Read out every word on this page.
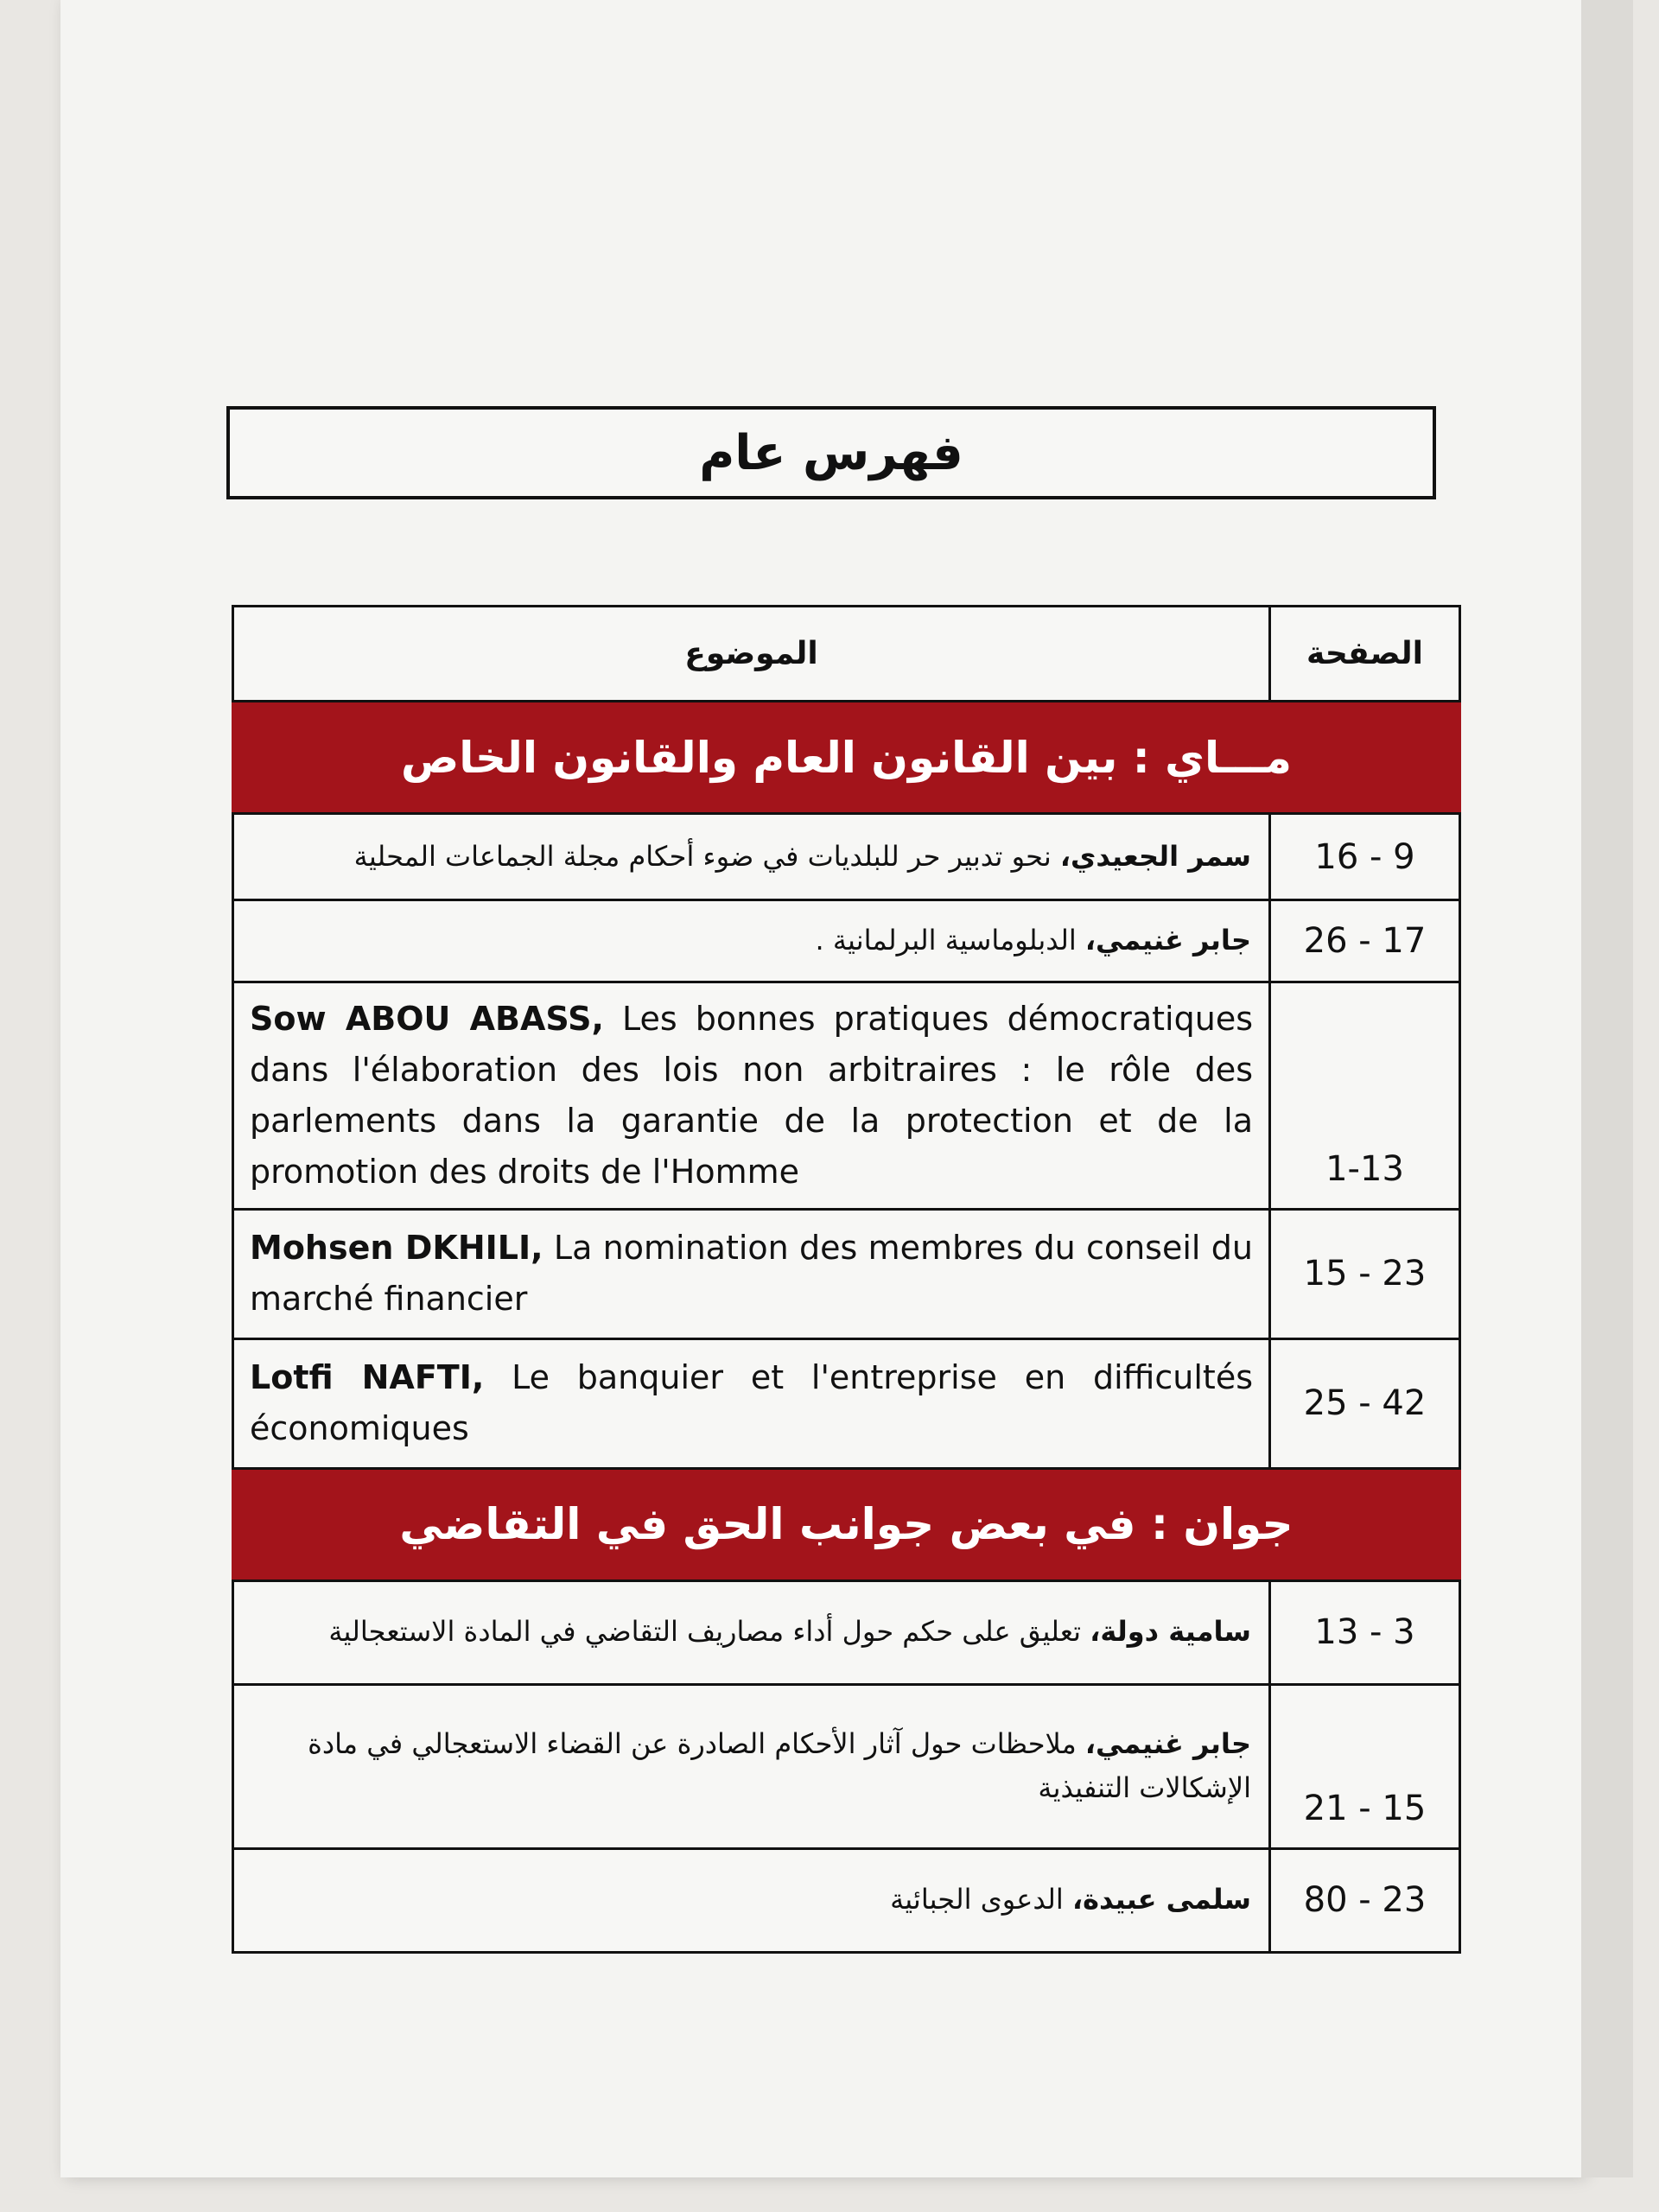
فهرس عام
الموضوع	الصفحة
مـــاي : بين القانون العام والقانون الخاص	
سمر الجعيدي، نحو تدبير حر للبلديات في ضوء أحكام مجلة الجماعات المحلية	16 - 9
جابر غنيمي، الدبلوماسية البرلمانية .	26 - 17
Sow ABOU ABASS, Les bonnes pratiques démocratiques dans l'élaboration des lois non arbitraires : le rôle des parlements dans la garantie de la protection et de la promotion des droits de l'Homme	1-13
Mohsen DKHILI, La nomination des membres du conseil du marché financier	15 - 23
Lotfi NAFTI, Le banquier et l'entreprise en difficultés économiques	25 - 42
جوان : في بعض جوانب الحق في التقاضي	
سامية دولة، تعليق على حكم حول أداء مصاريف التقاضي في المادة الاستعجالية	13 - 3
جابر غنيمي، ملاحظات حول آثار الأحكام الصادرة عن القضاء الاستعجالي في مادة الإشكالات التنفيذية	21 - 15
سلمى عبيدة، الدعوى الجبائية	80 - 23
